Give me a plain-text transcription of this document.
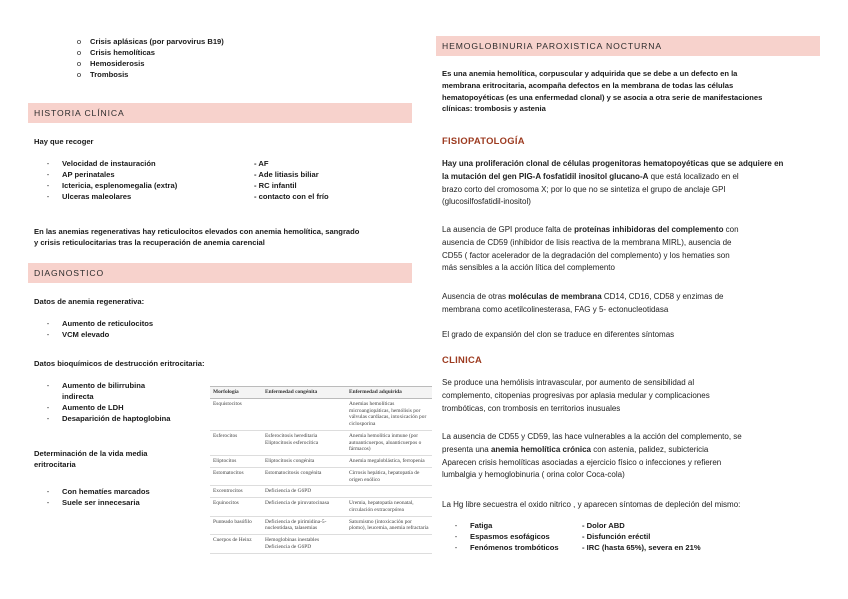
o	Crisis aplásicas (por parvovirus B19)
o	Crisis hemolíticas
o	Hemosiderosis
o	Trombosis
HISTORIA CLÍNICA
Hay que recoger
-	Velocidad de instauración	- AF
-	AP perinatales	- Ade litiasis biliar
-	Ictericia, esplenomegalia (extra)	- RC infantil
-	Ulceras maleolares	- contacto con el frío
En las anemias regenerativas hay reticulocitos elevados con anemia hemolítica, sangrado
y crisis reticulocitarias tras la recuperación de anemia carencial
DIAGNOSTICO
Datos de anemia regenerativa:
-	Aumento de reticulocitos
-	VCM elevado
Datos bioquímicos de destrucción eritrocitaria:
-	Aumento de bilirrubina
indirecta
-	Aumento de LDH
-	Desaparición de haptoglobina
Determinación de la vida media
eritrocitaria
-	Con hematíes marcados
-	Suele ser innecesaria
Morfología	Enfermedad congénita	Enfermedad adquirida
Esquistocitos		Anemias hemolíticas microangiopáticas, hemólisis por válvulas cardíacas, intoxicación por ciclosporina
Esferocitos	Esferocitosis hereditaria Eliptocitosis esferocítica	Anemia hemolítica inmune (por autoanticuerpos, aloanticuerpos o fármacos)
Eliptocitos	Eliptocitosis congénita	Anemia megaloblástica, ferropenia
Estomatocitos	Estomatocitosis congénita	Cirrosis hepática, hepatopatía de origen enólico
Excentrocitos	Deficiencia de G6PD	
Equinocitos	Deficiencia de piruvatocinasa	Uremia, hepatopatía neonatal, circulación extracorpórea
Punteado basófilo	Deficiencia de pirimidina-5-nucleotidasa, talasemias	Saturnismo (intoxicación por plomo), leucemia, anemia refractaria
Cuerpos de Heinz	Hemoglobinas inestables Deficiencia de G6PD	
HEMOGLOBINURIA PAROXISTICA NOCTURNA
Es una anemia hemolítica, corpuscular y adquirida que se debe a un defecto en la
membrana eritrocitaria, acompaña defectos en la membrana de todas las células
hematopoyéticas (es una enfermedad clonal) y se asocia a otra serie de manifestaciones
clínicas: trombosis y astenia
FISIOPATOLOGÍA
Hay una proliferación clonal de células progenitoras hematopoyéticas que se adquiere en
la mutación del gen PIG-A fosfatidil inositol glucano-A que está localizado en el
brazo corto del cromosoma X; por lo que no se sintetiza el grupo de anclaje GPI
(glucosilfosfatidil-inositol)
La ausencia de GPI produce falta de proteínas inhibidoras del complemento con
ausencia de CD59 (inhibidor de lisis reactiva de la membrana MIRL), ausencia de
CD55 ( factor acelerador de la degradación del complemento) y los hematies son
más sensibles a la acción lítica del complemento
Ausencia de otras moléculas de membrana CD14, CD16, CD58 y enzimas de
membrana como acetilcolinesterasa, FAG y 5- ectonucleotidasa
El grado de expansión del clon se traduce en diferentes síntomas
CLINICA
Se produce una hemólisis intravascular, por aumento de sensibilidad al
complemento, citopenias progresivas por aplasia medular y complicaciones
trombóticas, con trombosis en territorios inusuales
La ausencia de CD55 y CD59, las hace vulnerables a la acción del complemento, se
presenta una anemia hemolítica crónica con astenia, palidez, subictericia
Aparecen crisis hemolíticas asociadas a ejercicio físico o infecciones y refieren
lumbalgia y hemoglobinuria ( orina color Coca-cola)
La Hg libre secuestra el oxido nitrico , y aparecen síntomas de depleción del mismo:
-	Fatiga	- Dolor ABD
-	Espasmos esofágicos	- Disfunción eréctil
-	Fenómenos trombóticos	- IRC (hasta 65%), severa en 21%
